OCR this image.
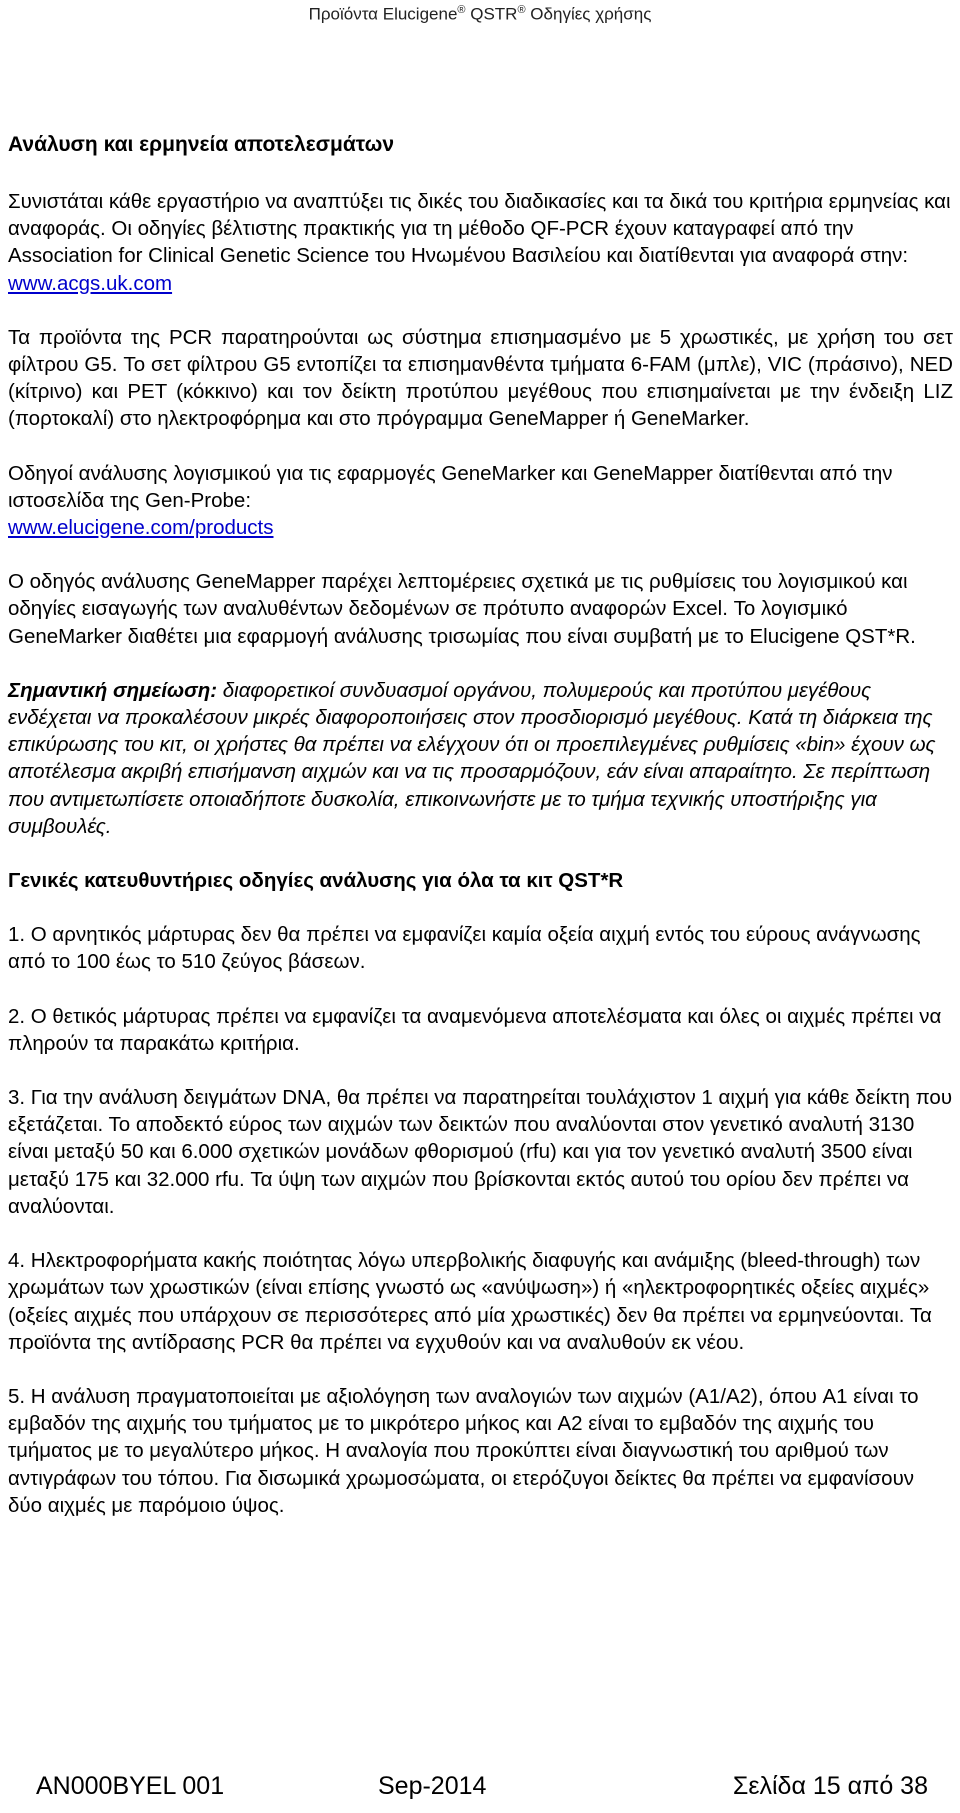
Προϊόντα Elucigene® QSTR® Οδηγίες χρήσης
Ανάλυση και ερμηνεία αποτελεσμάτων

Συνιστάται κάθε εργαστήριο να αναπτύξει τις δικές του διαδικασίες και τα δικά του κριτήρια ερμηνείας και αναφοράς. Οι οδηγίες βέλτιστης πρακτικής για τη μέθοδο QF-PCR έχουν καταγραφεί από την Association for Clinical Genetic Science του Ηνωμένου Βασιλείου και διατίθενται για αναφορά στην:
www.acgs.uk.com

Τα προϊόντα της PCR παρατηρούνται ως σύστημα επισημασμένο με 5 χρωστικές, με χρήση του σετ φίλτρου G5. Το σετ φίλτρου G5 εντοπίζει τα επισημανθέντα τμήματα 6-FAM (μπλε), VIC (πράσινο), NED (κίτρινο) και PET (κόκκινο) και τον δείκτη προτύπου μεγέθους που επισημαίνεται με την ένδειξη LIZ (πορτοκαλί) στο ηλεκτροφόρημα και στο πρόγραμμα GeneMapper ή GeneMarker.

Οδηγοί ανάλυσης λογισμικού για τις εφαρμογές GeneMarker και GeneMapper διατίθενται από την ιστοσελίδα της Gen-Probe:
www.elucigene.com/products

Ο οδηγός ανάλυσης GeneMapper παρέχει λεπτομέρειες σχετικά με τις ρυθμίσεις του λογισμικού και οδηγίες εισαγωγής των αναλυθέντων δεδομένων σε πρότυπο αναφορών Excel. Το λογισμικό GeneMarker διαθέτει μια εφαρμογή ανάλυσης τρισωμίας που είναι συμβατή με το Elucigene QST*R.

Σημαντική σημείωση: διαφορετικοί συνδυασμοί οργάνου, πολυμερούς και προτύπου μεγέθους ενδέχεται να προκαλέσουν μικρές διαφοροποιήσεις στον προσδιορισμό μεγέθους. Κατά τη διάρκεια της επικύρωσης του κιτ, οι χρήστες θα πρέπει να ελέγχουν ότι οι προεπιλεγμένες ρυθμίσεις «bin» έχουν ως αποτέλεσμα ακριβή επισήμανση αιχμών και να τις προσαρμόζουν, εάν είναι απαραίτητο. Σε περίπτωση που αντιμετωπίσετε οποιαδήποτε δυσκολία, επικοινωνήστε με το τμήμα τεχνικής υποστήριξης για συμβουλές.

Γενικές κατευθυντήριες οδηγίες ανάλυσης για όλα τα κιτ QST*R

1. Ο αρνητικός μάρτυρας δεν θα πρέπει να εμφανίζει καμία οξεία αιχμή εντός του εύρους ανάγνωσης από το 100 έως το 510 ζεύγος βάσεων.

2. Ο θετικός μάρτυρας πρέπει να εμφανίζει τα αναμενόμενα αποτελέσματα και όλες οι αιχμές πρέπει να πληρούν τα παρακάτω κριτήρια.

3. Για την ανάλυση δειγμάτων DNA, θα πρέπει να παρατηρείται τουλάχιστον 1 αιχμή για κάθε δείκτη που εξετάζεται. Το αποδεκτό εύρος των αιχμών των δεικτών που αναλύονται στον γενετικό αναλυτή 3130 είναι μεταξύ 50 και 6.000 σχετικών μονάδων φθορισμού (rfu) και για τον γενετικό αναλυτή 3500 είναι μεταξύ 175 και 32.000 rfu. Τα ύψη των αιχμών που βρίσκονται εκτός αυτού του ορίου δεν πρέπει να αναλύονται.

4. Ηλεκτροφορήματα κακής ποιότητας λόγω υπερβολικής διαφυγής και ανάμιξης (bleed-through) των χρωμάτων των χρωστικών (είναι επίσης γνωστό ως «ανύψωση») ή «ηλεκτροφορητικές οξείες αιχμές» (οξείες αιχμές που υπάρχουν σε περισσότερες από μία χρωστικές) δεν θα πρέπει να ερμηνεύονται. Τα προϊόντα της αντίδρασης PCR θα πρέπει να εγχυθούν και να αναλυθούν εκ νέου.

5. Η ανάλυση πραγματοποιείται με αξιολόγηση των αναλογιών των αιχμών (A1/A2), όπου A1 είναι το εμβαδόν της αιχμής του τμήματος με το μικρότερο μήκος και A2 είναι το εμβαδόν της αιχμής του τμήματος με το μεγαλύτερο μήκος. Η αναλογία που προκύπτει είναι διαγνωστική του αριθμού των αντιγράφων του τόπου. Για δισωμικά χρωμοσώματα, οι ετερόζυγοι δείκτες θα πρέπει να εμφανίσουν δύο αιχμές με παρόμοιο ύψος.

AN000BYEL 001	Sep-2014	Σελίδα 15 από 38
